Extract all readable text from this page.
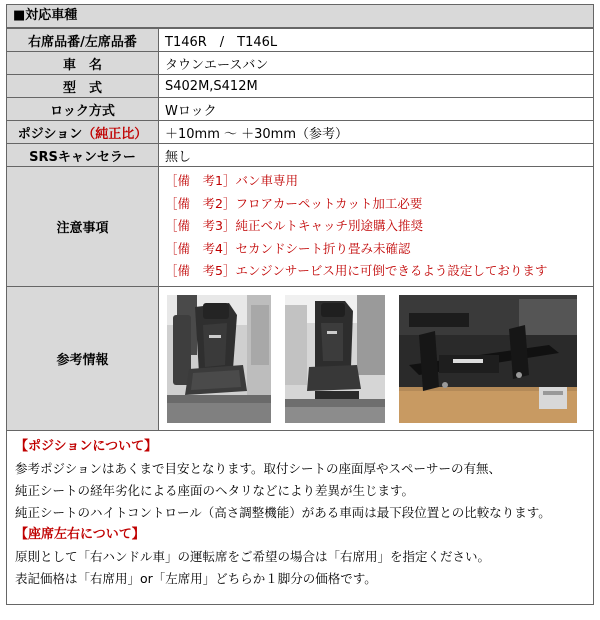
■対応車種
右席品番/左席品番	T146R　/　T146L
車　名	タウンエースバン
型　式	S402M,S412M
ロック方式	Wロック
ポジション（純正比）	＋10mm ～ ＋30mm（参考）
SRSキャンセラー	無し
注意事項	［備　考1］バン車専用
［備　考2］フロアカーペットカット加工必要
［備　考3］純正ベルトキャッチ別途購入推奨
［備　考4］セカンドシート折り畳み未確認
［備　考5］エンジンサービス用に可倒できるよう設定しております

参考情報	
【ポジションについて】
参考ポジションはあくまで目安となります。取付シートの座面厚やスペーサーの有無、
純正シートの経年劣化による座面のヘタリなどにより差異が生じます。
純正シートのハイトコントロール（高さ調整機能）がある車両は最下段位置との比較なります。
【座席左右について】
原則として「右ハンドル車」の運転席をご希望の場合は「右席用」を指定ください。
表記価格は「右席用」or「左席用」どちらか１脚分の価格です。
